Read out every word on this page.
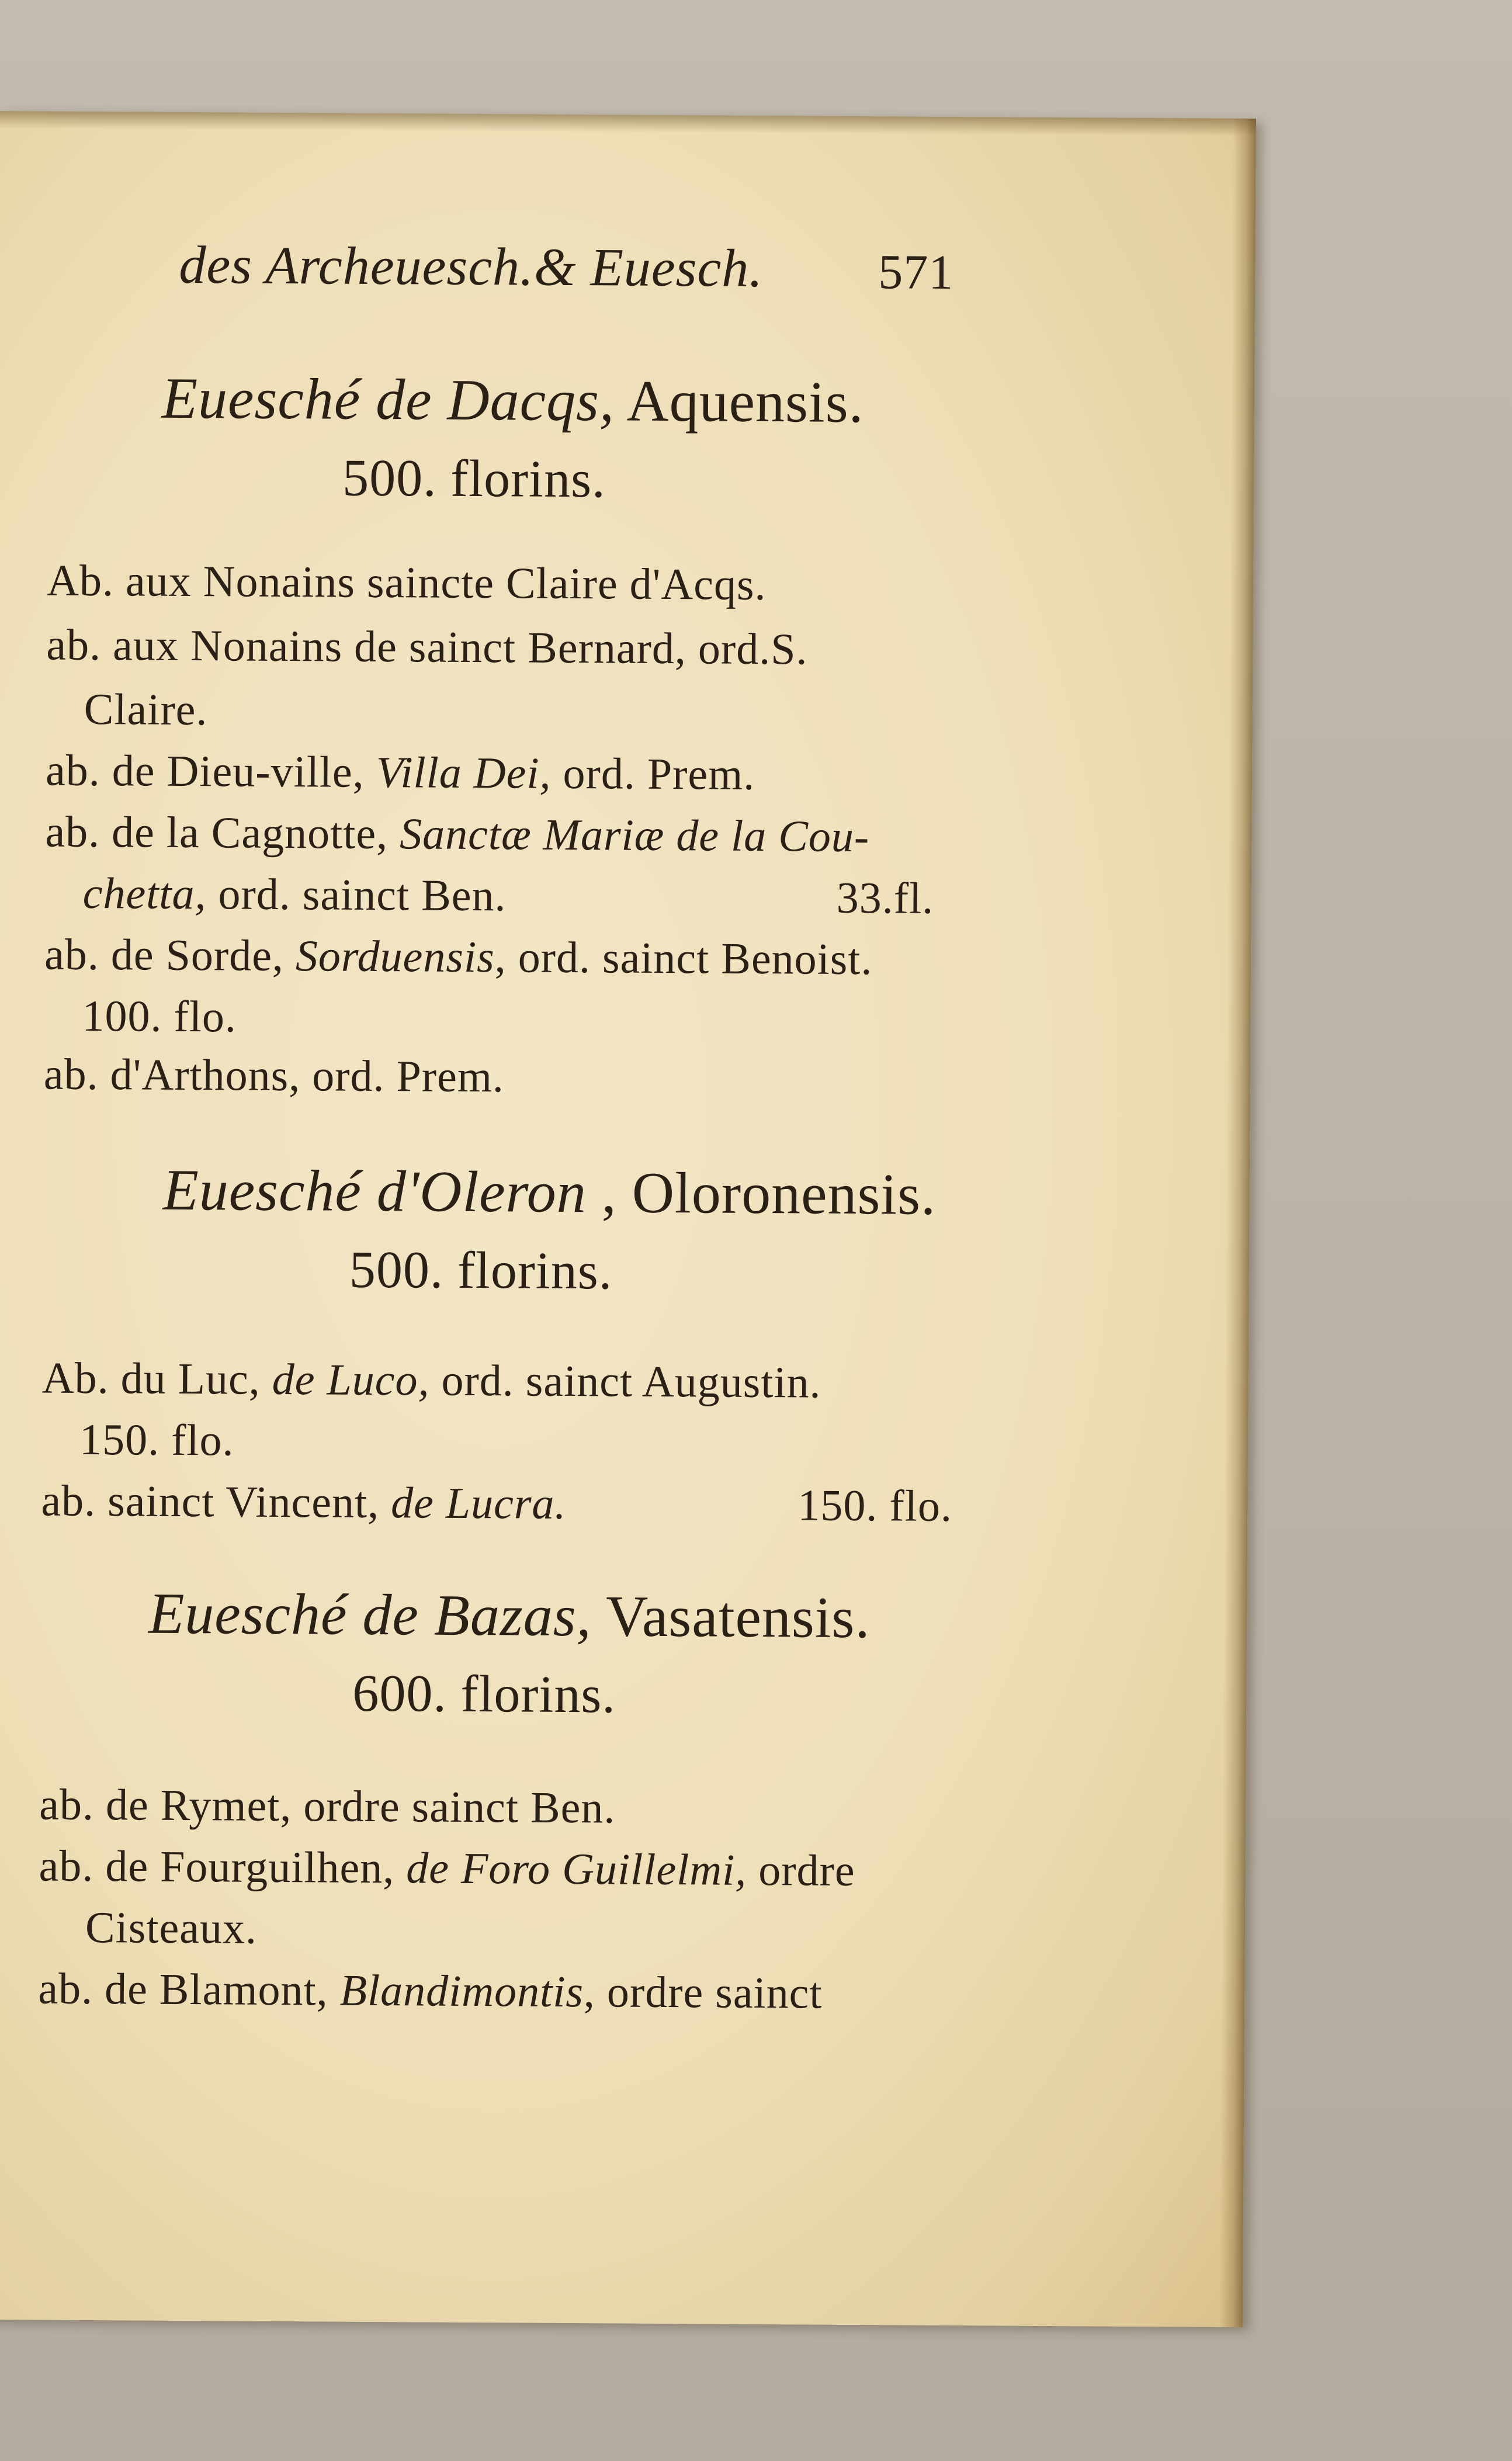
des Archeuesch.& Euesch. 571
Euesché de Dacqs, Aquensis.
500. florins.
Ab. aux Nonains saincte Claire d'Acqs.
ab. aux Nonains de sainct Bernard, ord.S.
Claire.
ab. de Dieu-ville, Villa Dei, ord. Prem.
ab. de la Cagnotte, Sanctæ Mariæ de la Cou-
chetta, ord. sainct Ben.	33.fl.
ab. de Sorde, Sorduensis, ord. sainct Benoist.
100. flo.
ab. d'Arthons, ord. Prem.
Euesché d'Oleron , Oloronensis.
500. florins.
Ab. du Luc, de Luco, ord. sainct Augustin.
150. flo.
ab. sainct Vincent, de Lucra.	150. flo.
Euesché de Bazas, Vasatensis.
600. florins.
ab. de Rymet, ordre sainct Ben.
ab. de Fourguilhen, de Foro Guillelmi, ordre
Cisteaux.
ab. de Blamont, Blandimontis, ordre sainct
